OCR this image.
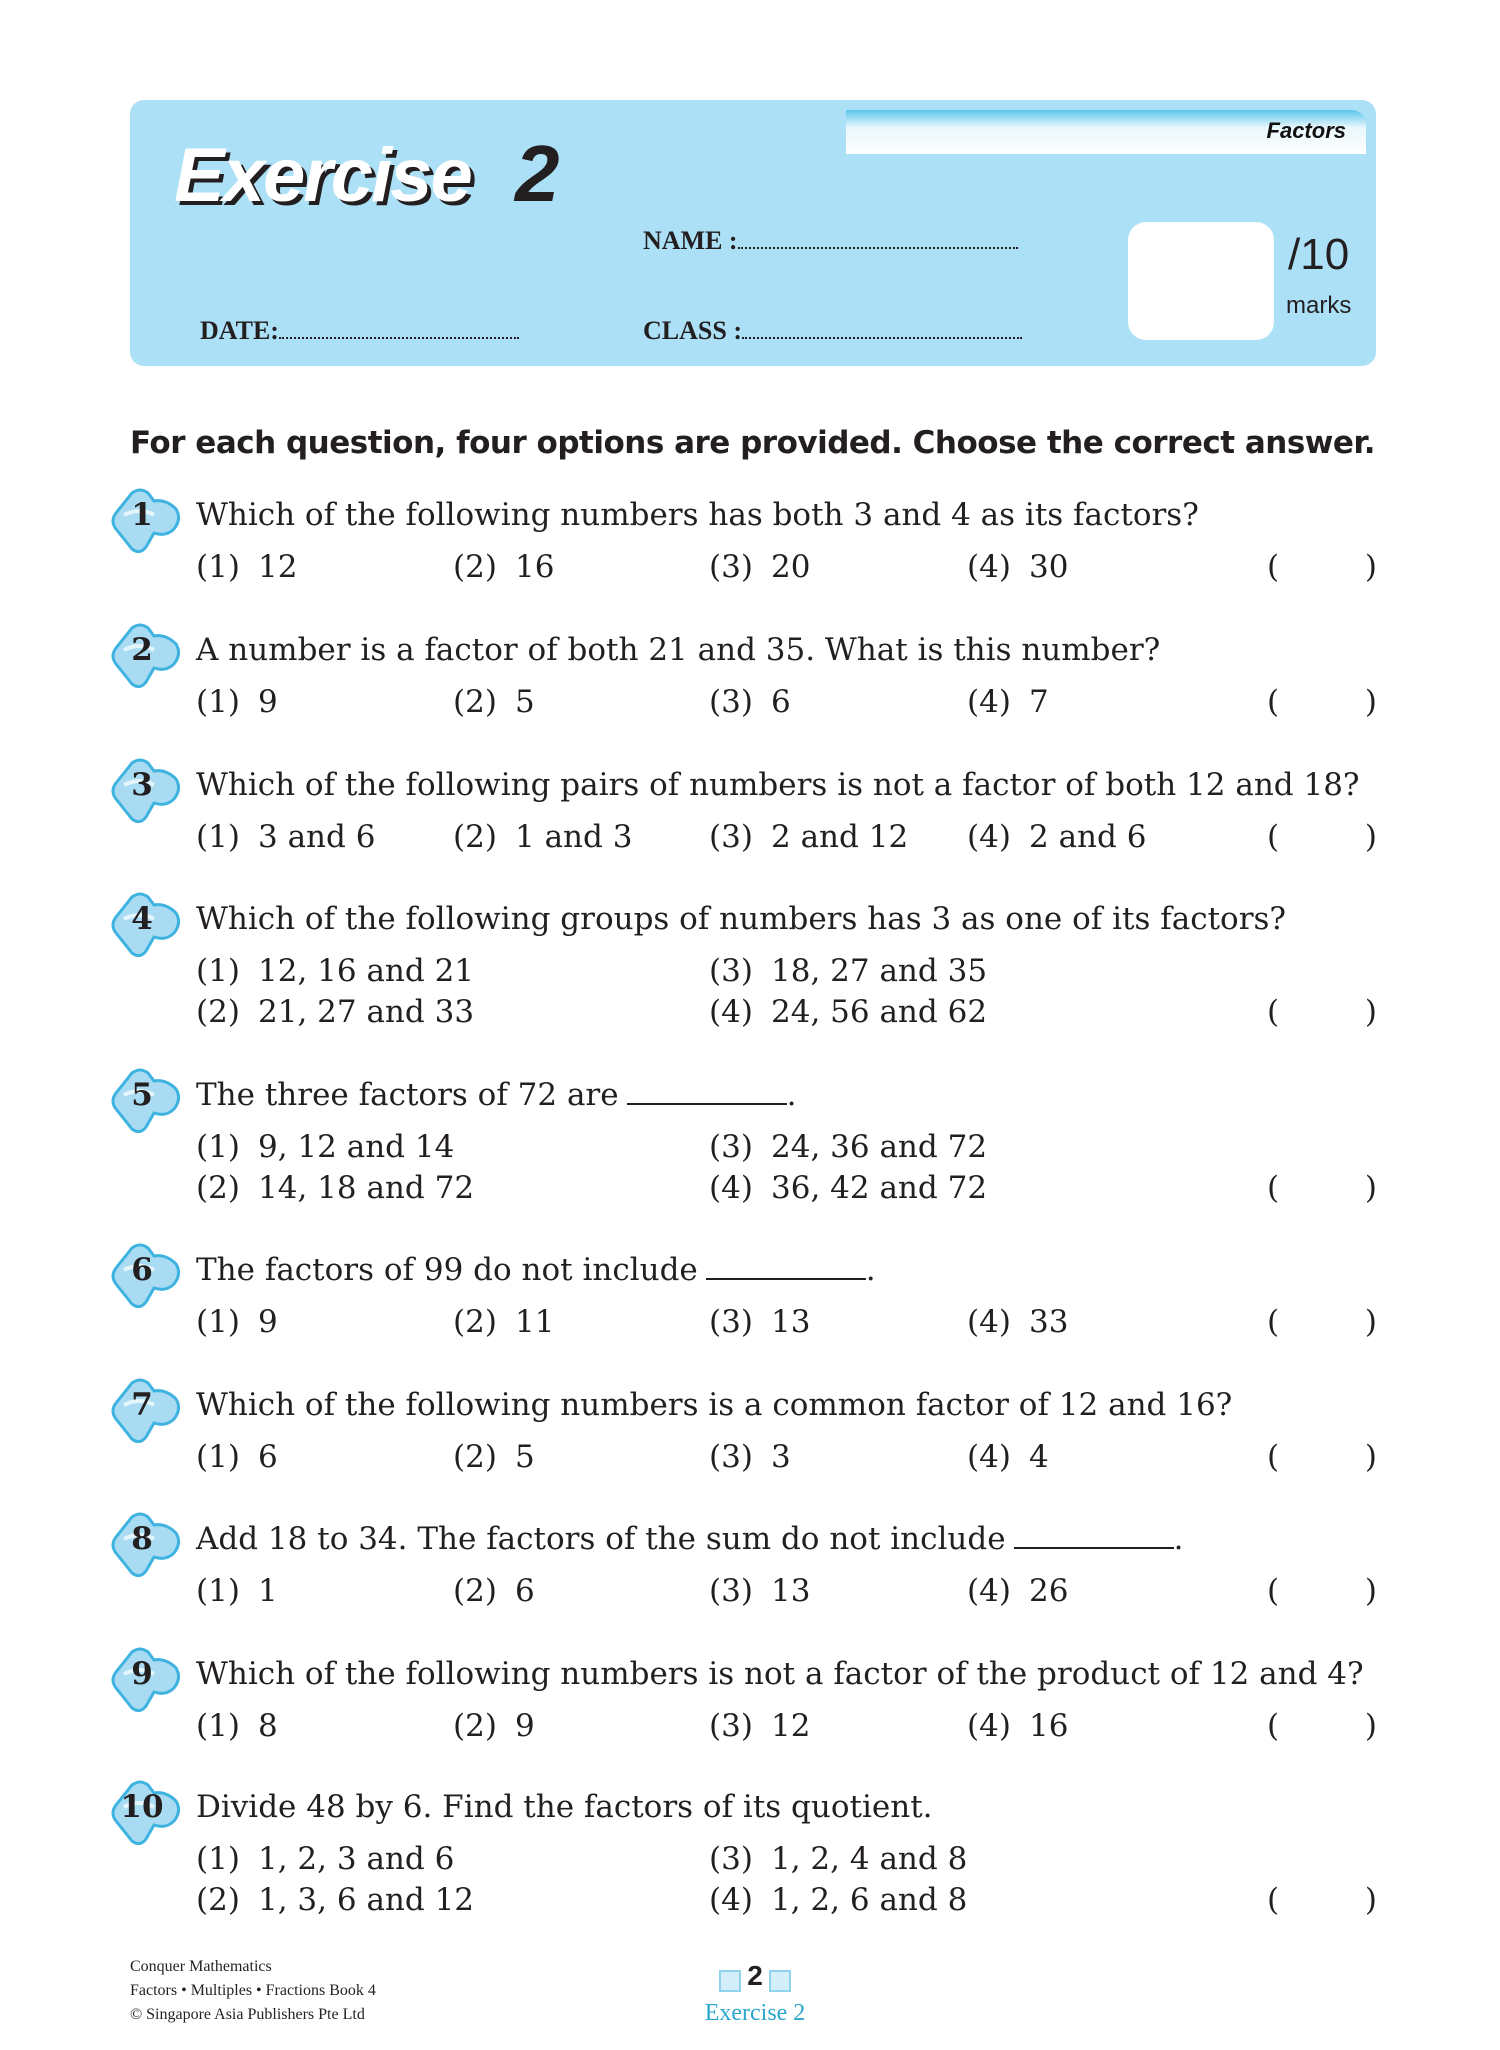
Factors
Exercise 2
NAME :
DATE:	CLASS :
/10
marks
For each question, four options are provided. Choose the correct answer.
1	Which of the following numbers has both 3 and 4 as its factors?
(1) 12	(2) 16	(3) 20	(4) 30	(	)
2	A number is a factor of both 21 and 35. What is this number?
(1) 9	(2) 5	(3) 6	(4) 7	(	)
3	Which of the following pairs of numbers is not a factor of both 12 and 18?
(1) 3 and 6	(2) 1 and 3 (3) 2 and 12 (4) 2 and 6	(	)
4	Which of the following groups of numbers has 3 as one of its factors?
(1) 12, 16 and 21
(2) 21, 27 and 33
(3) 18, 27 and 35
(4) 24, 56 and 62	(	)
5	The three factors of 72 are	.
(1) 9, 12 and 14
(2) 14, 18 and 72
(3) 24, 36 and 72
(4) 36, 42 and 72	(	)
6	The factors of 99 do not include	.
(1) 9	(2) 11	(3) 13	(4) 33	(	)
7	Which of the following numbers is a common factor of 12 and 16?
(1) 6	(2) 5	(3) 3	(4) 4	(	)
8	Add 18 to 34. The factors of the sum do not include	.
(1) 1	(2) 6	(3) 13	(4) 26	(	)
9	Which of the following numbers is not a factor of the product of 12 and 4?
(1) 8	(2) 9	(3) 12	(4) 16	(	)
10	Divide 48 by 6. Find the factors of its quotient.
(1) 1, 2, 3 and 6
(2) 1, 3, 6 and 12
(3) 1, 2, 4 and 8
(4) 1, 2, 6 and 8	(	)
Conquer Mathematics
Factors • Multiples • Fractions Book 4
© Singapore Asia Publishers Pte Ltd
2
Exercise 2
